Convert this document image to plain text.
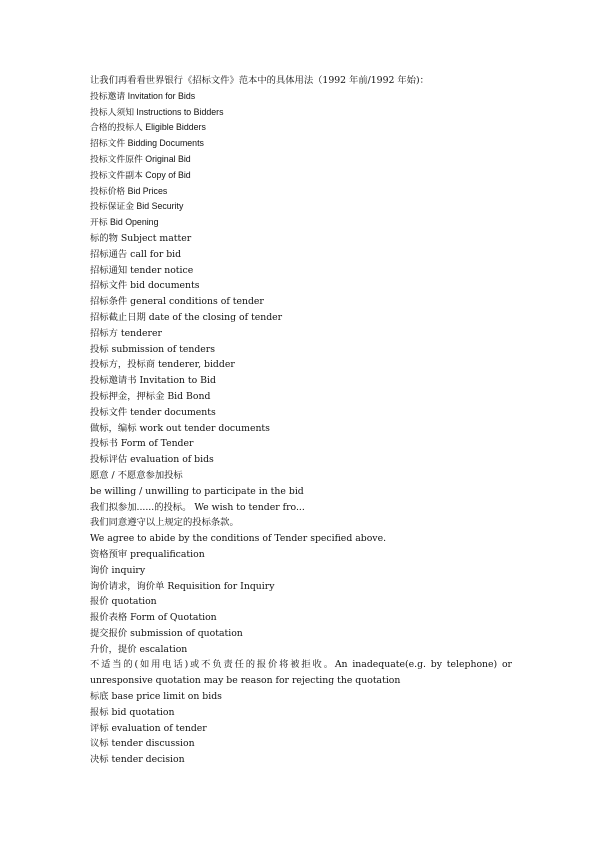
让我们再看看世界银行《招标文件》范本中的具体用法（1992 年前/1992 年始)：
投标邀请 Invitation for Bids
投标人须知 Instructions to Bidders
合格的投标人 Eligible Bidders
招标文件 Bidding Documents
投标文件原件 Original Bid
投标文件副本 Copy of Bid
投标价格 Bid Prices
投标保证金 Bid Security
开标 Bid Opening
标的物 Subject matter
招标通告 call for bid
招标通知 tender notice
招标文件 bid documents
招标条件 general conditions of tender
招标截止日期 date of the closing of tender
招标方 tenderer
投标 submission of tenders
投标方，投标商 tenderer, bidder
投标邀请书 Invitation to Bid
投标押金，押标金 Bid Bond
投标文件 tender documents
做标，编标 work out tender documents
投标书 Form of Tender
投标评估 evaluation of bids
愿意 / 不愿意参加投标
be willing / unwilling to participate in the bid
我们拟参加......的投标。 We wish to tender fro...
我们同意遵守以上规定的投标条款。
We agree to abide by the conditions of Tender specified above.
资格预审 prequalification
询价 inquiry
询价请求，询价单 Requisition for Inquiry
报价 quotation
报价表格 Form of Quotation
提交报价 submission of quotation
升价，提价 escalation
不适当的(如用电话)或不负责任的报价将被拒收。An inadequate(e.g. by telephone) or unresponsive quotation may be reason for rejecting the quotation
标底 base price limit on bids
报标 bid quotation
评标 evaluation of tender
议标 tender discussion
决标 tender decision
